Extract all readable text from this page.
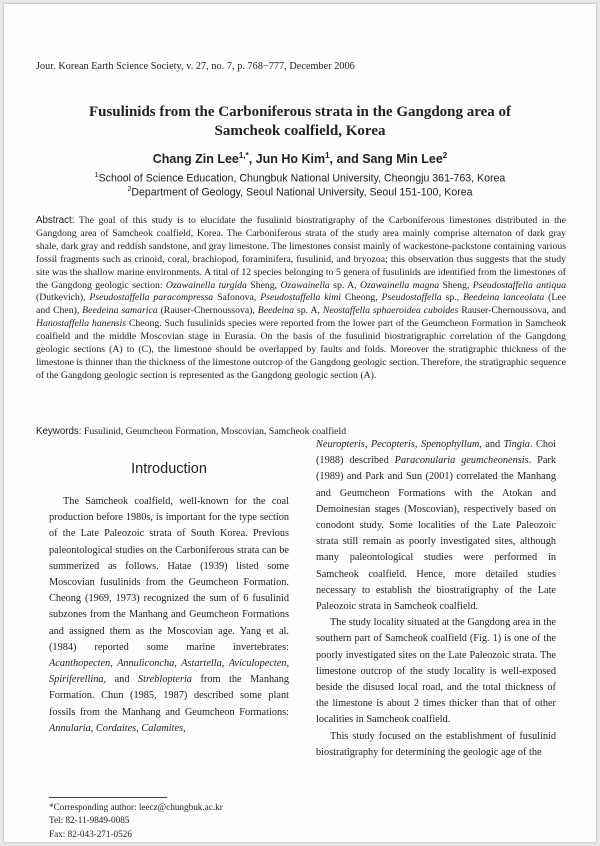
Jour. Korean Earth Science Society, v. 27, no. 7, p. 768−777, December 2006
Fusulinids from the Carboniferous strata in the Gangdong area of
Samcheok coalfield, Korea
Chang Zin Lee$^{1,*}$, Jun Ho Kim$^1$, and Sang Min Lee$^2$
$^1$School of Science Education, Chungbuk National University, Cheongju 361-763, Korea
$^2$Department of Geology, Seoul National University, Seoul 151-100, Korea
Abstract: The goal of this study is to elucidate the fusulinid biostratigraphy of the Carboniferous limestones distributed in the Gangdong area of Samcheok coalfield, Korea. The Carboniferous strata of the study area mainly comprise alternaton of dark gray shale, dark gray and reddish sandstone, and gray limestone. The limestones consist mainly of wackestone-packstone containing various fossil fragments such as crinoid, coral, brachiopod, foraminifera, fusulinid, and bryozoa; this observation thus suggests that the study site was the shallow marine environments. A tital of 12 species belonging to 5 genera of fusulinids are identified from the limestones of the Gangdong geologic section: Ozawainella turgida Sheng, Ozawainella sp. A, Ozawainella magna Sheng, Pseudostaffella antiqua (Dutkevich), Pseudostaffella paracompressa Safonova, Pseudostaffella kimi Cheong, Pseudostaffella sp., Beedeina lanceolata (Lee and Chen), Beedeina samarica (Rauser-Chernoussova), Beedeina sp. A, Neostaffella sphaeroidea cuboides Rauser-Chernoussova, and Hanostaffella hanensis Cheong. Such fusulinids species were reported from the lower part of the Geumcheon Formation in Samcheok coalfield and the middle Moscovian stage in Eurasia. On the basis of the fusulinid biostratigraphic correlation of the Gangdong geologic sections (A) to (C), the limestone should be overlapped by faults and folds. Moreover the stratigraphic thickness of the limestone is thinner than the thickness of the limestone outcrop of the Gangdong geologic section. Therefore, the stratigraphic sequence of the Gangdong geologic section is represented as the Gangdong geologic section (A).
Keywords: Fusulinid, Geumcheon Formation, Moscovian, Samcheok coalfield
Introduction

The Samcheok coalfield, well-known for the coal production before 1980s, is important for the type section of the Late Paleozoic strata of South Korea. Previous paleontological studies on the Carboniferous strata can be summerized as follows. Hatae (1939) listed some Moscovian fusulinids from the Geumcheon Formation. Cheong (1969, 1973) recognized the sum of 6 fusulinid subzones from the Manhang and Geumcheon Formations and assigned them as the Moscovian age. Yang et al. (1984) reported some marine invertebrates: Acanthopecten, Annuliconcha, Astartella, Aviculopecten, Spiriferellina, and Streblopteria from the Manhang Formation. Chun (1985, 1987) described some plant fossils from the Manhang and Geumcheon Formations: Annularia, Cordaites, Calamites,

Neuropteris, Pecopteris, Spenophyllum, and Tingia. Choi (1988) described Paraconularia geumcheonensis. Park (1989) and Park and Sun (2001) correlated the Manhang and Geumcheon Formations with the Atokan and Demoinesian stages (Moscovian), respectively based on conodont study. Some localities of the Late Paleozoic strata still remain as poorly investigated sites, although many paleontological studies were performed in Samcheok coalfield. Hence, more detailed studies necessary to establish the biostratigraphy of the Late Paleozoic strata in Samcheok coalfield.

The study locality situated at the Gangdong area in the southern part of Samcheok coalfield (Fig. 1) is one of the poorly investigated sites on the Late Paleozoic strata. The limestone outcrop of the study locality is well-exposed beside the disused local road, and the total thickness of the limestone is about 2 times thicker than that of other localities in Samcheok coalfield.

This study focused on the establishment of fusulinid biostratigraphy for determining the geologic age of the

*Corresponding author: leecz@chungbuk.ac.kr
Tel: 82-11-9849-0085
Fax: 82-043-271-0526
